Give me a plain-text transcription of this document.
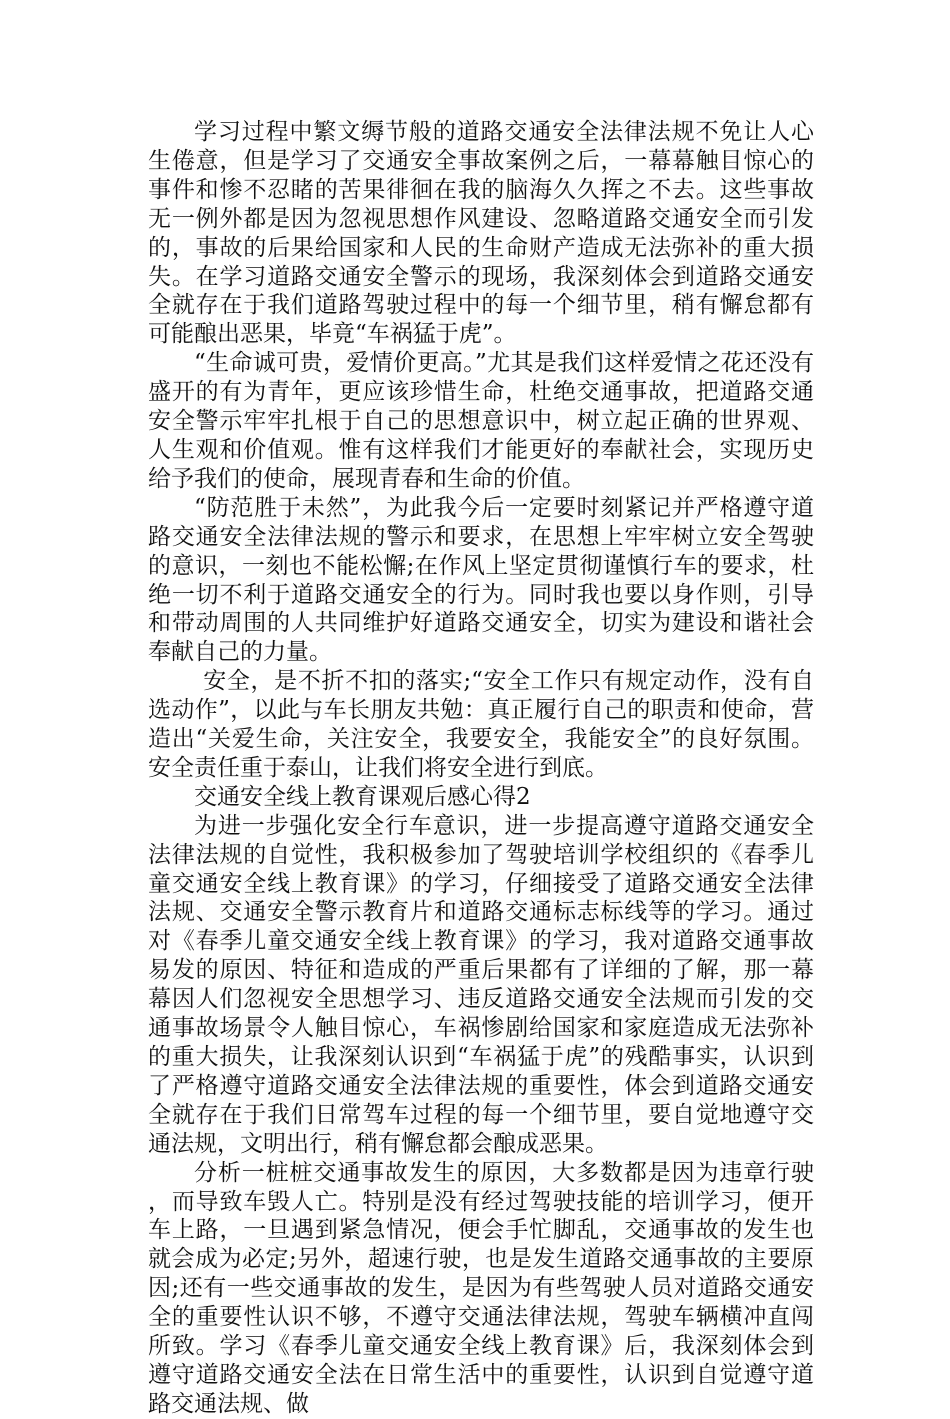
学习过程中繁文缛节般的道路交通安全法律法规不免让人心生倦意，但是学习了交通安全事故案例之后，一幕幕触目惊心的事件和惨不忍睹的苦果徘徊在我的脑海久久挥之不去。这些事故无一例外都是因为忽视思想作风建设、忽略道路交通安全而引发的，事故的后果给国家和人民的生命财产造成无法弥补的重大损失。在学习道路交通安全警示的现场，我深刻体会到道路交通安全就存在于我们道路驾驶过程中的每一个细节里，稍有懈怠都有可能酿出恶果，毕竟“车祸猛于虎”。

“生命诚可贵，爱情价更高。”尤其是我们这样爱情之花还没有盛开的有为青年，更应该珍惜生命，杜绝交通事故，把道路交通安全警示牢牢扎根于自己的思想意识中，树立起正确的世界观、人生观和价值观。惟有这样我们才能更好的奉献社会，实现历史给予我们的使命，展现青春和生命的价值。

“防范胜于未然”，为此我今后一定要时刻紧记并严格遵守道路交通安全法律法规的警示和要求，在思想上牢牢树立安全驾驶的意识，一刻也不能松懈;在作风上坚定贯彻谨慎行车的要求，杜绝一切不利于道路交通安全的行为。同时我也要以身作则，引导和带动周围的人共同维护好道路交通安全，切实为建设和谐社会奉献自己的力量。

安全，是不折不扣的落实;“安全工作只有规定动作，没有自选动作”，以此与车长朋友共勉：真正履行自己的职责和使命，营造出“关爱生命，关注安全，我要安全，我能安全”的良好氛围。安全责任重于泰山，让我们将安全进行到底。

交通安全线上教育课观后感心得2

为进一步强化安全行车意识，进一步提高遵守道路交通安全法律法规的自觉性，我积极参加了驾驶培训学校组织的《春季儿童交通安全线上教育课》的学习，仔细接受了道路交通安全法律法规、交通安全警示教育片和道路交通标志标线等的学习。通过对《春季儿童交通安全线上教育课》的学习，我对道路交通事故易发的原因、特征和造成的严重后果都有了详细的了解，那一幕幕因人们忽视安全思想学习、违反道路交通安全法规而引发的交通事故场景令人触目惊心，车祸惨剧给国家和家庭造成无法弥补的重大损失，让我深刻认识到“车祸猛于虎”的残酷事实，认识到了严格遵守道路交通安全法律法规的重要性，体会到道路交通安全就存在于我们日常驾车过程的每一个细节里，要自觉地遵守交通法规，文明出行，稍有懈怠都会酿成恶果。

分析一桩桩交通事故发生的原因，大多数都是因为违章行驶，而导致车毁人亡。特别是没有经过驾驶技能的培训学习，便开车上路，一旦遇到紧急情况，便会手忙脚乱，交通事故的发生也就会成为必定;另外，超速行驶，也是发生道路交通事故的主要原因;还有一些交通事故的发生，是因为有些驾驶人员对道路交通安全的重要性认识不够，不遵守交通法律法规，驾驶车辆横冲直闯所致。学习《春季儿童交通安全线上教育课》后，我深刻体会到遵守道路交通安全法在日常生活中的重要性，认识到自觉遵守道路交通法规、做
